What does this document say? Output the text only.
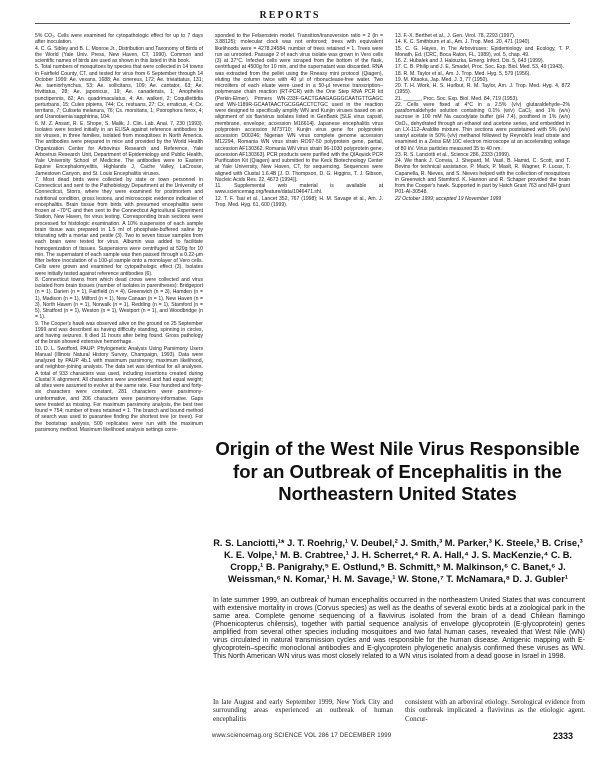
REPORTS

5% CO₂. Cells were examined for cytopathologic effect for up to 7 days after inoculation.

4. C. G. Sibley and B. L. Monroe Jr., Distribution and Taxonomy of Birds of the World (Yale Univ. Press, New Haven, CT, 1990). Common and scientific names of birds are used as shown in this listed in this book.

5. Total numbers of mosquitoes by species that were collected in 14 towns in Fairfield County, CT, and tested for virus from 6 September through 14 October 1999: Ae. vexans, 1688; Ae. cinereus, 172; Ae. triviattatus, 131; Ae. taeniorhynchus, 53; Ae. sollicitans, 109; Ae. cantator, 63; Ae. trivittatus, 28; Ae. japonicus, 19; Ae. canadensis, 1; Anopheles punctipennis, 82; An. quadrimaculatus, 4; An. walkeri, 2; Coquillettidia perturbans, 15; Culex pipiens, 744; Cx. restuans, 27; Cx. erraticus, 4; Cx. territans, 7; Culiseta melanura, 76; Cs. morsitans, 1; Psorophora ferox, 4; and Uranotaenia sapphirina, 104.

6. M. Z. Ansari, R. E. Shope, S. Malik, J. Clin. Lab. Anal. 7, 230 (1993). Isolates were tested initially in an ELISA against reference antibodies to six viruses, in three families, isolated from mosquitoes in North America. The antibodies were prepared in mice and provided by the World Health Organization Center for Arbovirus Research and Reference, Yale Arbovirus Research Unit, Department of Epidemiology and Public Health, Yale University School of Medicine. The antibodies were to Eastern Equine Encephalomyelitis, Highlands J, Cache Valley, LaCrosse, Jamestown Canyon, and St. Louis Encephalitis viruses.

7. Most dead birds were collected by state or town personnel in Connecticut and sent to the Pathobiology Department at the University of Connecticut, Storrs, where they were examined for postmortem and nutritional condition, gross lesions, and microscopic evidence indicative of encephalitis. Brain tissue from birds with presumed encephalitis were frozen at −70°C and then sent to the Connecticut Agricultural Experiment Station, New Haven, for virus testing. Corresponding brain sections were processed for histologic examination. A 10% suspension of each sample brain tissue was prepared in 1.5 ml of phosphate-buffered saline by triturating with a mortar and pestle (3). Two to seven tissue samples from each brain were tested for virus. Albumin was added to facilitate homogenization of tissues. Suspensions were centrifuged at 520g for 10 min. The supernatant of each sample was then passed through a 0.22-μm filter before inoculation of a 100-μl sample onto a monolayer of Vero cells. Cells were grown and examined for cytopathologic effect (3). Isolates were initially tested against reference antibodies (6).

8. Connecticut towns from which dead crows were collected and virus isolated from brain tissues (number of isolates in parentheses): Bridgeport (n = 1), Darien (n = 1), Fairfield (n = 4), Greenwich (n = 3), Hamden (n = 1), Madison (n = 1), Milford (n = 1), New Canaan (n = 1), New Haven (n = 3), North Haven (n = 1), Norwalk (n = 1), Redding (n = 1), Stamford (n = 5), Stratford (n = 1), Weston (n = 1), Westport (n = 1), and Woodbridge (n = 1).

9. The Cooper's hawk was observed alive on the ground on 25 September 1999 and was described as having difficulty standing, spinning in circles, and having seizures. It died 11 hours after being found. Gross pathology of the brain showed extensive hemorrhage.

10. D. L. Swofford, PAUP: Phylogenetic Analysis Using Parsimony Users Manual (Illinois Natural History Survey, Champaign, 1993). Data were analyzed by PAUP 4b.1 with maximum parsimony, maximum likelihood, and neighbor-joining analysis. The data set was identical for all analyses. A total of 933 characters was used, including insertions created during Clustal X alignment. All characters were unordered and had equal weight; all sites were assumed to evolve at the same rate. Four hundred and forty-six characters were constant, 281 characters were parsimony-uninformative, and 206 characters were parsimony-informative. Gaps were treated as missing. For maximum parsimony analysis, the best tree found = 754; number of trees retained = 1. The branch and bound method of search was used to guarantee finding the shortest tree (or trees). For the bootstrap analysis, 500 replicates were run with the maximum parsimony method. Maximum likelihood analysis settings corre-

sponded to the Felsenstein model. Transition/transversion ratio = 2 (ln = 3.88125); molecular clock was not enforced; trees with equivalent likelihoods were = 4278.24584. number of trees retained = 1. Trees were run as unrooted. Passage 2 of each virus isolate was grown in Vero cells (3) at 37°C. Infected cells were scraped from the bottom of the flask, centrifuged at 4500g for 10 min, and the supernatant was discarded. RNA was extracted from the pellet using the Rneasy mini protocol (Qiagen), eluting the column twice with 40 μl of ribonuclease-free water. Two microliters of each eluate were used in a 50-μl reverse transcription–polymerase chain reaction (RT-PCR) with the One Step RNA PCR kit (Perkin-Elmer). Primers WN-233F-GACTGAAGAGGGCAATGTTGAGC and WN-1189R-GCAATAACTGCGGACCTCTGC used in the reaction were designed to specifically amplify WN and Kunjin viruses based on an alignment of six flavivirus isolates listed in GenBank [SLE virus capsid, membrane, envelope; accession M16614]. Japanese encephalitis virus polyprotein accession M73710; Kunjin virus gene for polyprotein accession D00246; Nigerian WN virus complete genome accession M12294, Romania WN virus strain RO97-50 polyprotein gene, partial, accession AF130362. Romania WN virus strain 96-1030 polyprotein gene, accession AF130363]. PCR products were purified with the QIAquick PCR Purification Kit (Qiagen) and submitted to the Keck Biotechnology Center at Yale University, New Haven, CT, for sequencing. Sequences were aligned with Clustal 1.6.4B [J. D. Thompson, D. G. Higgins, T. J. Gibson, Nucleic Acids Res. 22, 4673 (1994)].

11. Supplemental web material is available at www.sciencemag.org/feature/data/1046471.shl.

12. T. F. Tsai et al., Lancet 352, 767 (1998); H. M. Savage et al., Am. J. Trop. Med. Hyg. 61, 600 (1999).

13. F.-X. Berthet et al., J. Gen. Virol. 78, 2293 (1997).

14. K. C. Smithburn et al., Am. J. Trop. Med. 20, 471 (1940).

15. C. G. Hayes, in The Arboviruses: Epidemiology and Ecology, T. P. Monath, Ed. (CRC, Boca Raton, FL, 1989), vol. 5, chap. 49.

16. Z. Hubalek and J. Halouzka, Emerg. Infect. Dis. 5, 643 (1999).

17. C. B. Philip and J. E. Smadel, Proc. Soc. Exp. Biol. Med. 53, 49 (1943).

18. R. M. Taylor et al., Am. J. Trop. Med. Hyg. 5, 579 (1956).

19. M. Kitaoka, Jap. Med. J. 3, 77 (1950).

20. T. H. Work, H. S. Hurlbut, R. M. Taylor, Am. J. Trop. Med. Hyg. 4, 872 (1955).

21. ______, Proc. Soc. Exp. Biol. Med. 84, 719 (1953).

22. Cells were fixed at 4°C in a 2.5% (v/v) glutaraldehyde–2% paraformaldehyde solution containing 0.1% (w/v) CaCl₂ and 1% (w/v) sucrose in 100 mM Na cacodylate buffer (pH 7.4), postfixed in 1% (w/v) OsO₄, dehydrated through an ethanol and acetone series, and embedded in an LX-112–Araldite mixture. Thin sections were poststained with 5% (w/v) uranyl acetate in 50% (v/v) methanol followed by Reynold's lead citrate and examined in a Zeiss EM 10C electron microscope at an accelerating voltage of 80 kV. Virus particles measured 35 to 40 nm.

23. R. S. Lanciotti et al., Science 286, 2333 (1999).

24. We thank J. Correia, J. Shepard, M. Vasil, B. Hamid, C. Scott, and T. Bevins for technical assistance. P. Mack, P. Maslt, R. Wagner, P. Lucas, T. Capanella, R. Nieves, and S. Nieves helped with the collection of mosquitoes in Greenwich and Stamford. K. Hannon and R. Schaper provided the brain from the Cooper's hawk. Supported in part by Hatch Grant 763 and NIH grant P01-AI-30548.

22 October 1999; accepted 19 November 1999

Origin of the West Nile Virus Responsible for an Outbreak of Encephalitis in the Northeastern United States
R. S. Lanciotti,¹* J. T. Roehrig,¹ V. Deubel,² J. Smith,³ M. Parker,³ K. Steele,³ B. Crise,³ K. E. Volpe,¹ M. B. Crabtree,¹ J. H. Scherret,⁴ R. A. Hall,⁴ J. S. MacKenzie,⁴ C. B. Cropp,¹ B. Panigrahy,⁵ E. Ostlund,⁵ B. Schmitt,⁵ M. Malkinson,⁶ C. Banet,⁶ J. Weissman,⁶ N. Komar,¹ H. M. Savage,¹ W. Stone,⁷ T. McNamara,⁸ D. J. Gubler¹
In late summer 1999, an outbreak of human encephalitis occurred in the northeastern United States that was concurrent with extensive mortality in crows (Corvus species) as well as the deaths of several exotic birds at a zoological park in the same area. Complete genome sequencing of a flavivirus isolated from the brain of a dead Chilean flamingo (Phoenicopterus chilensis), together with partial sequence analysis of envelope glycoprotein (E-glycoprotein) genes amplified from several other species including mosquitoes and two fatal human cases, revealed that West Nile (WN) virus circulated in natural transmission cycles and was responsible for the human disease. Antigenic mapping with E-glycoprotein–specific monoclonal antibodies and E-glycoprotein phylogenetic analysis confirmed these viruses as WN. This North American WN virus was most closely related to a WN virus isolated from a dead goose in Israel in 1998.
In late August and early September 1999, New York City and surrounding areas experienced an outbreak of human encephalitis
consistent with an arboviral etiology. Serological evidence from this outbreak implicated a flavivirus as the etiologic agent. Concur-
www.sciencemag.org SCIENCE VOL 286 17 DECEMBER 1999	2333
